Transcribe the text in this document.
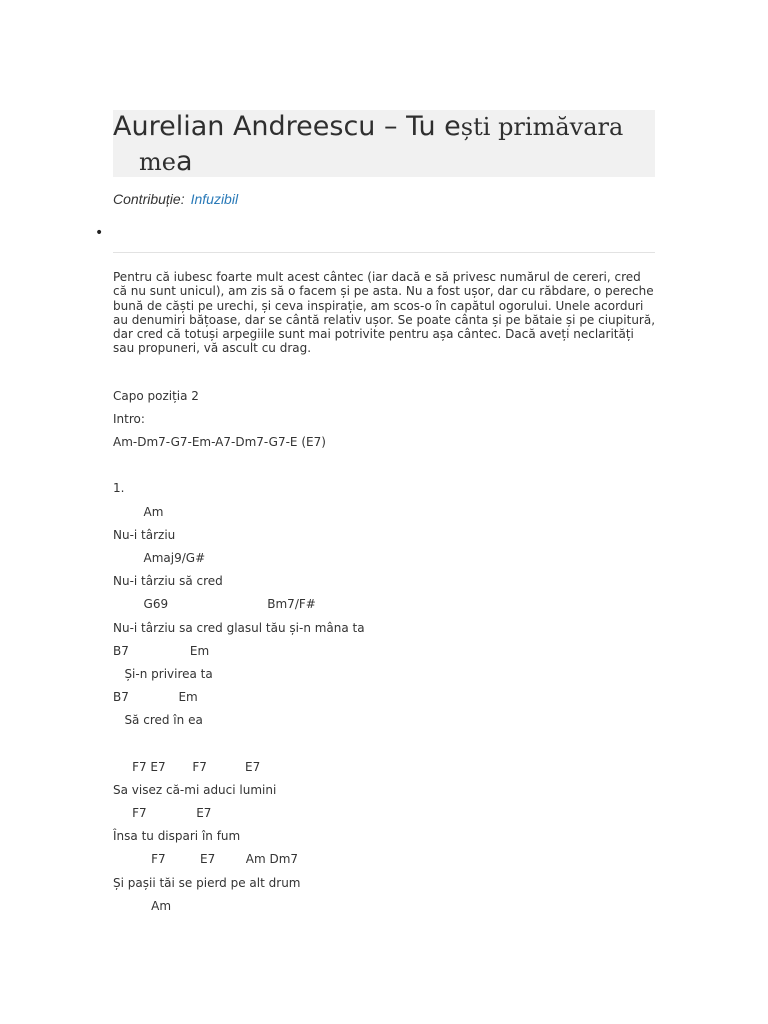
Aurelian Andreescu – Tu ești primăvara
mea
Contribuție: Infuzibil
•

Pentru că iubesc foarte mult acest cântec (iar dacă e să privesc numărul de cereri, cred că nu sunt unicul), am zis să o facem și pe asta. Nu a fost ușor, dar cu răbdare, o pereche bună de căști pe urechi, și ceva inspirație, am scos-o în capătul ogorului. Unele acorduri au denumiri bățoase, dar se cântă relativ ușor. Se poate cânta și pe bătaie și pe ciupitură, dar cred că totuși arpegiile sunt mai potrivite pentru așa cântec. Dacă aveți neclarități sau propuneri, vă ascult cu drag.

Capo poziția 2

Intro:

Am-Dm7-G7-Em-A7-Dm7-G7-E (E7)

1.

Am

Nu-i târziu

Amaj9/G#

Nu-i târziu să cred

G69                          Bm7/F#

Nu-i târziu sa cred glasul tău și-n mâna ta

B7                Em

Și-n privirea ta

B7             Em

Să cred în ea

F7 E7       F7          E7

Sa visez că-mi aduci lumini

F7             E7

Însa tu dispari în fum

F7         E7        Am Dm7

Și pașii tăi se pierd pe alt drum

Am
